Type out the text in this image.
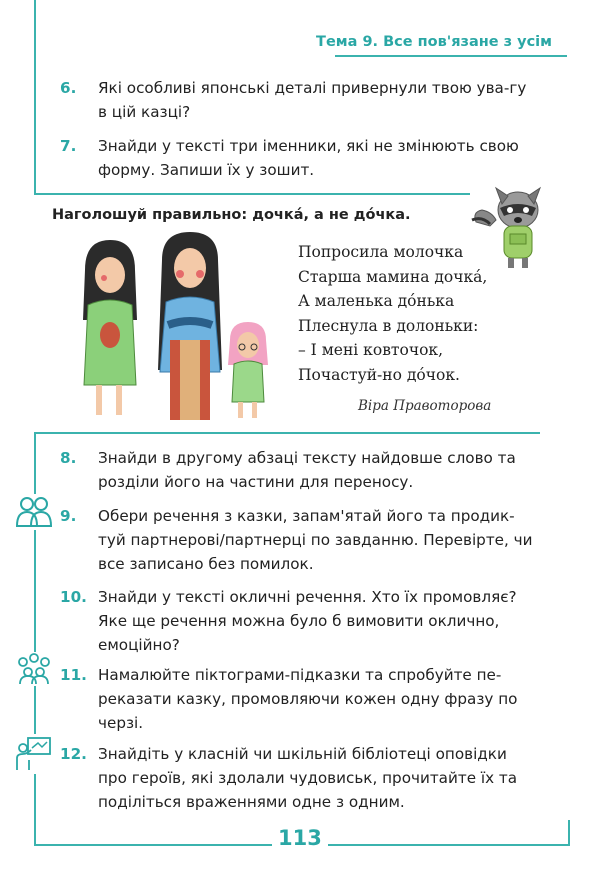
Тема 9. Все пов'язане з усім
6.	Які особливі японські деталі привернули твою ува-гу в цій казці?
7.	Знайди у тексті три іменники, які не змінюють свою форму. Запиши їх у зошит.
Наголошуй правильно: дочка́, а не до́чка.
Попросила молочка
Старша мамина дочка́,
А маленька до́нька
Плеснула в долоньки:
– І мені ковточок,
Почастуй-но до́чок.
Віра Правоторова
8.	Знайди в другому абзаці тексту найдовше слово та розділи його на частини для переносу.
9.	Обери речення з казки, запам'ятай його та продик-туй партнерові/партнерці по завданню. Перевірте, чи все записано без помилок.
10. Знайди у тексті окличні речення. Хто їх промовляє? Яке ще речення можна було б вимовити окличнo, емоційно?
11. Намалюйте піктограми-підказки та спробуйте пе-реказати казку, промовляючи кожен одну фразу по черзі.
12. Знайдіть у класній чи шкільній бібліотеці оповідки про героїв, які здолали чудовиськ, прочитайте їх та поділіться враженнями одне з одним.
113
